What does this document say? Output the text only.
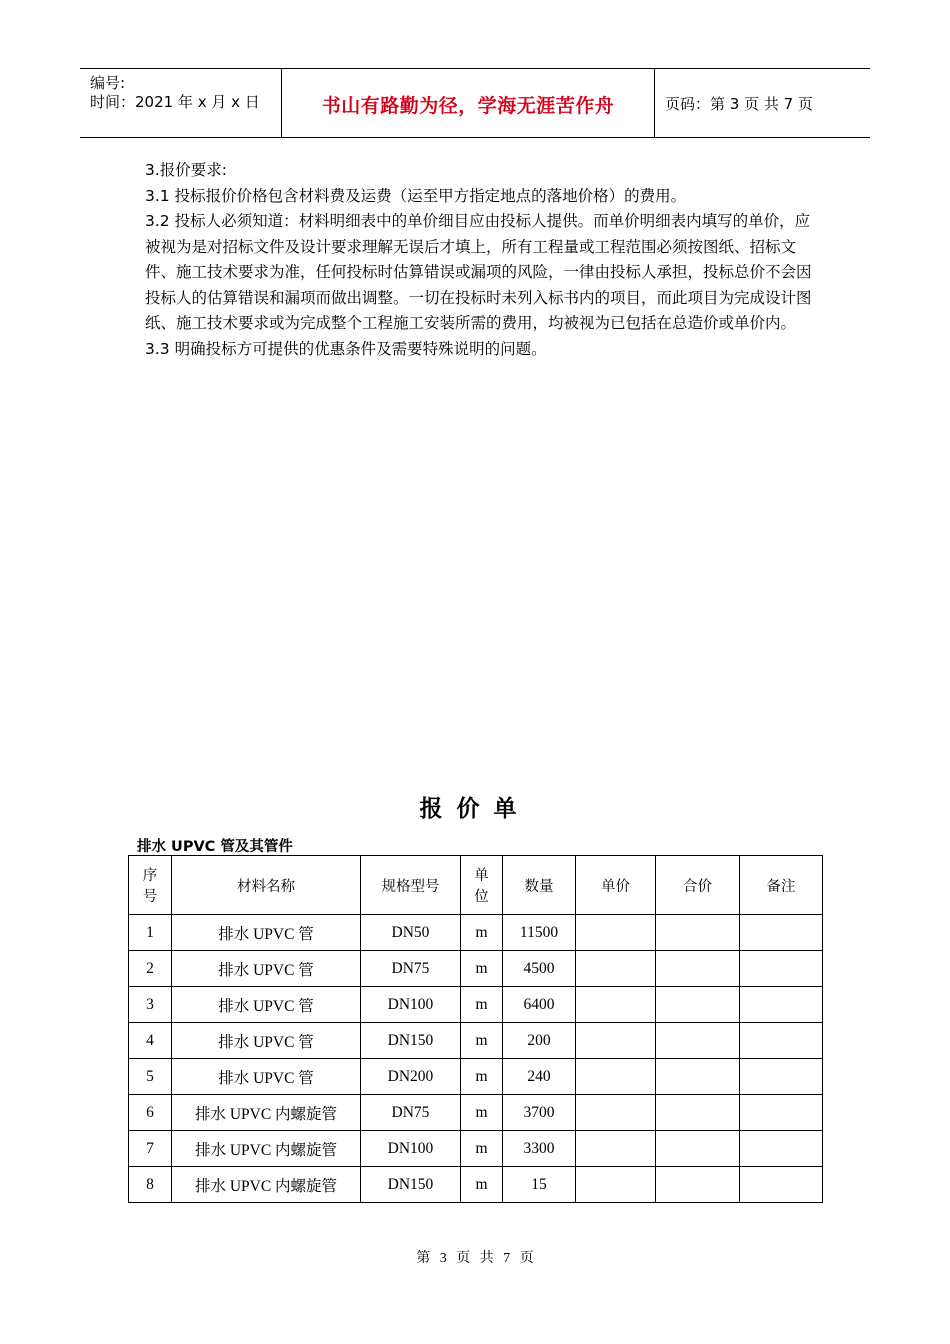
编号:
时间：2021 年 x 月 x 日	书山有路勤为径，学海无涯苦作舟	页码：第 3 页 共 7 页

3.报价要求:

3.1 投标报价价格包含材料费及运费（运至甲方指定地点的落地价格）的费用。

3.2 投标人必须知道：材料明细表中的单价细目应由投标人提供。而单价明细表内填写的单价，应被视为是对招标文件及设计要求理解无误后才填上，所有工程量或工程范围必须按图纸、招标文件、施工技术要求为准，任何投标时估算错误或漏项的风险，一律由投标人承担，投标总价不会因投标人的估算错误和漏项而做出调整。一切在投标时未列入标书内的项目，而此项目为完成设计图纸、施工技术要求或为完成整个工程施工安装所需的费用，均被视为已包括在总造价或单价内。

3.3 明确投标方可提供的优惠条件及需要特殊说明的问题。

报价单
排水 UPVC 管及其管件
序
号	材料名称	规格型号	单
位	数量	单价	合价	备注
1	排水 UPVC 管	DN50	m	11500			
2	排水 UPVC 管	DN75	m	4500			
3	排水 UPVC 管	DN100	m	6400			
4	排水 UPVC 管	DN150	m	200			
5	排水 UPVC 管	DN200	m	240			
6	排水 UPVC 内螺旋管	DN75	m	3700			
7	排水 UPVC 内螺旋管	DN100	m	3300			
8	排水 UPVC 内螺旋管	DN150	m	15			
第 3 页 共 7 页
